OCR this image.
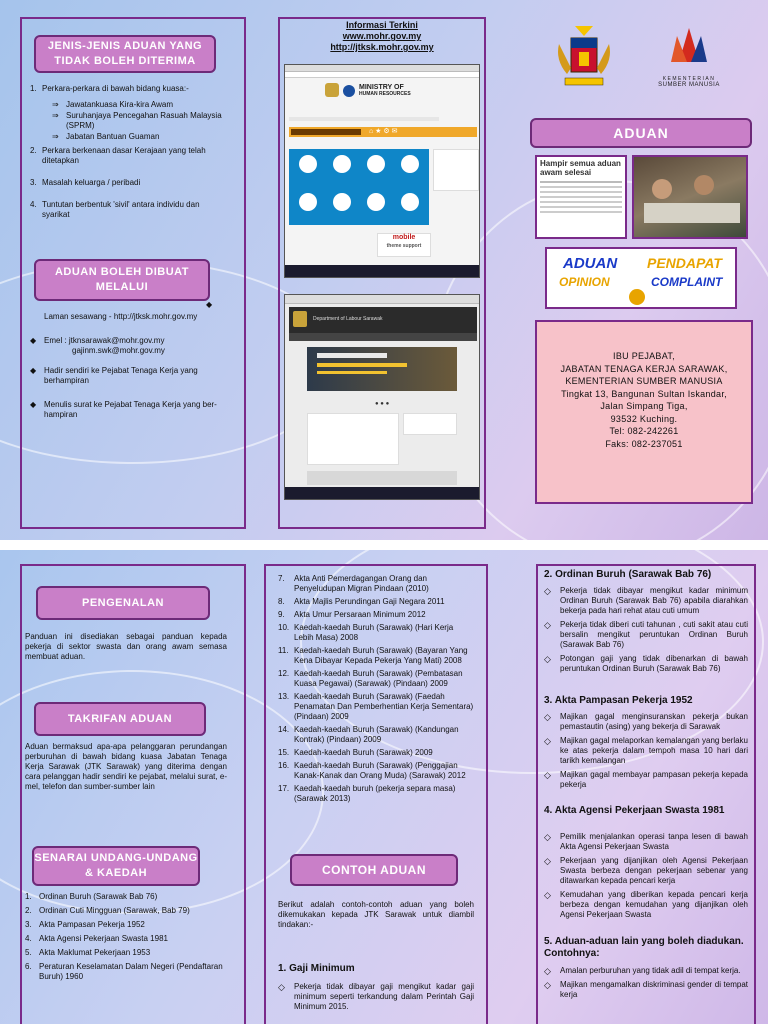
JENIS-JENIS ADUAN YANG TIDAK BOLEH DITERIMA
1. Perkara-perkara di bawah bidang kuasa:-
⇒ Jawatankuasa Kira-kira Awam
⇒ Suruhanjaya Pencegahan Rasuah Malaysia (SPRM)
⇒ Jabatan Bantuan Guaman
2. Perkara berkenaan dasar Kerajaan yang telah ditetapkan
3. Masalah keluarga / peribadi
4. Tuntutan berbentuk 'sivil' antara individu dan syarikat
ADUAN BOLEH DIBUAT MELALUI
Laman sesawang - http://jtksk.mohr.gov.my
◆ Emel : jtknsarawak@mohr.gov.my
gajinm.swk@mohr.gov.my
◆ Hadir sendiri ke Pejabat Tenaga Kerja yang berhampiran
◆ Menulis surat ke Pejabat Tenaga Kerja yang ber-hampiran
◆
Informasi Terkini
www.mohr.gov.my
http://jtksk.mohr.gov.my
MINISTRY OF
HUMAN RESOURCES
⌂ ★ ⚙ ✉
mobile
theme support
Department of Labour Sarawak
● ● ●
KEMENTERIAN
SUMBER MANUSIA
ADUAN
Hampir semua aduan awam selesai
ADUAN PENDAPAT
OPINION	COMPLAINT
IBU PEJABAT,
JABATAN TENAGA KERJA SARAWAK,
KEMENTERIAN SUMBER MANUSIA
Tingkat 13, Bangunan Sultan Iskandar,
Jalan Simpang Tiga,
93532 Kuching.
Tel: 082-242261
Faks: 082-237051
PENGENALAN
Panduan ini disediakan sebagai panduan kepada pekerja di sektor swasta dan orang awam semasa membuat aduan.
TAKRIFAN ADUAN
Aduan bermaksud apa-apa pelanggaran perundangan perburuhan di bawah bidang kuasa Jabatan Tenaga Kerja Sarawak (JTK Sarawak) yang diterima dengan cara pelanggan hadir sendiri ke pejabat, melalui surat, e-mel, telefon dan sumber-sumber lain
SENARAI UNDANG-UNDANG & KAEDAH
1. Ordinan Buruh (Sarawak Bab 76)
2. Ordinan Cuti Mingguan (Sarawak, Bab 79)
3. Akta Pampasan Pekerja 1952
4. Akta Agensi Pekerjaan Swasta 1981
5. Akta Maklumat Pekerjaan 1953
6. Peraturan Keselamatan Dalam Negeri (Pendaftaran Buruh) 1960
7. Akta Anti Pemerdagangan Orang dan Penyeludupan Migran Pindaan (2010)
8. Akta Majlis Perundingan Gaji Negara 2011
9. Akta Umur Persaraan Minimum 2012
10. Kaedah-kaedah Buruh (Sarawak) (Hari Kerja Lebih Masa) 2008
11. Kaedah-kaedah Buruh (Sarawak) (Bayaran Yang Kena Dibayar Kepada Pekerja Yang Mati) 2008
12. Kaedah-kaedah Buruh (Sarawak) (Pembatasan Kuasa Pegawai) (Sarawak) (Pindaan) 2009
13. Kaedah-kaedah Buruh (Sarawak) (Faedah Penamatan Dan Pemberhentian Kerja Sementara) (Pindaan) 2009
14. Kaedah-kaedah Buruh (Sarawak) (Kandungan Kontrak) (Pindaan) 2009
15. Kaedah-kaedah Buruh (Sarawak) 2009
16. Kaedah-kaedah Buruh (Sarawak) (Penggajian Kanak-Kanak dan Orang Muda) (Sarawak) 2012
17. Kaedah-kaedah buruh (pekerja separa masa) (Sarawak 2013)
CONTOH ADUAN
Berikut adalah contoh-contoh aduan yang boleh dikemukakan kepada JTK Sarawak untuk diambil tindakan:-
1. Gaji Minimum
◇ Pekerja tidak dibayar gaji mengikut kadar gaji minimum seperti terkandung dalam Perintah Gaji Minimum 2015.
2. Ordinan Buruh (Sarawak Bab 76)
◇ Pekerja tidak dibayar mengikut kadar minimum Ordinan Buruh (Sarawak Bab 76) apabila diarahkan bekerja pada hari rehat atau cuti umum
◇ Pekerja tidak diberi cuti tahunan , cuti sakit atau cuti bersalin mengikut peruntukan Ordinan Buruh (Sarawak Bab 76)
◇ Potongan gaji yang tidak dibenarkan di bawah peruntukan Ordinan Buruh (Sarawak Bab 76)
3. Akta Pampasan Pekerja 1952
◇ Majikan gagal menginsuranskan pekerja bukan pemastautin (asing) yang bekerja di Sarawak
◇ Majikan gagal melaporkan kemalangan yang berlaku ke atas pekerja dalam tempoh masa 10 hari dari tarikh kemalangan
◇ Majikan gagal membayar pampasan pekerja kepada pekerja
4. Akta Agensi Pekerjaan Swasta 1981
◇ Pemilik menjalankan operasi tanpa lesen di bawah Akta Agensi Pekerjaan Swasta
◇ Pekerjaan yang dijanjikan oleh Agensi Pekerjaan Swasta berbeza dengan pekerjaan sebenar yang ditawarkan kepada pencari kerja
◇ Kemudahan yang diberikan kepada pencari kerja berbeza dengan kemudahan yang dijanjikan oleh Agensi Pekerjaan Swasta
5. Aduan-aduan lain yang boleh diadukan. Contohnya:
◇ Amalan perburuhan yang tidak adil di tempat kerja.
◇ Majikan mengamalkan diskriminasi gender di tempat kerja
